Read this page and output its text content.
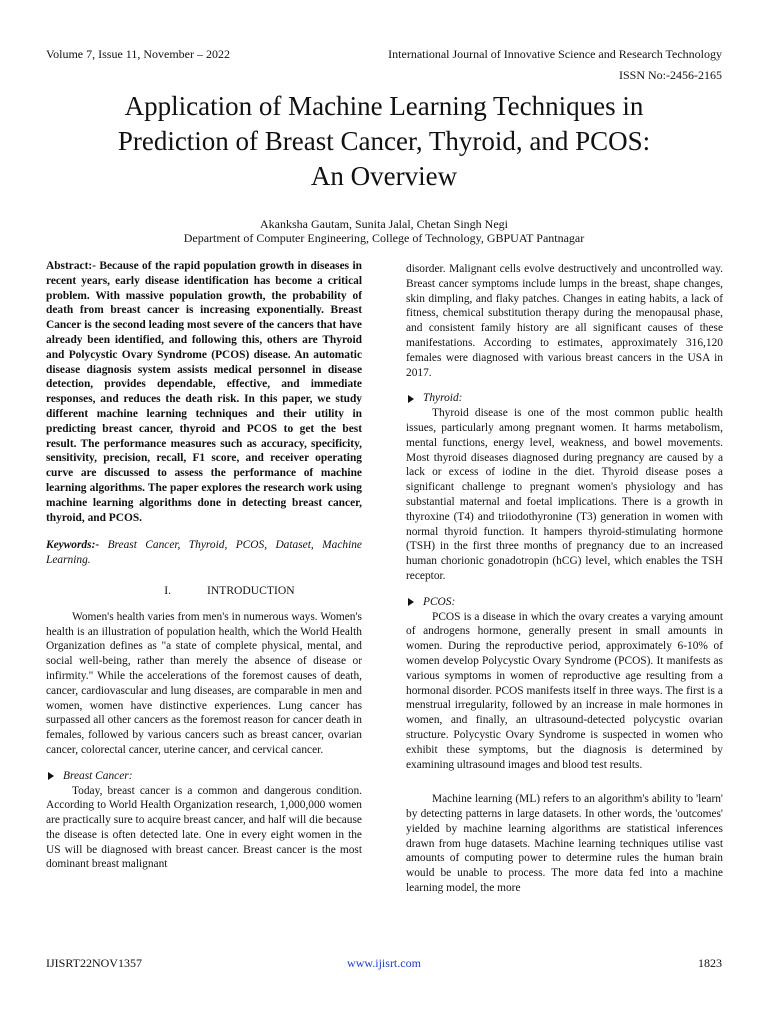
Volume 7, Issue 11, November – 2022	International Journal of Innovative Science and Research Technology
ISSN No:-2456-2165
Application of Machine Learning Techniques in
Prediction of Breast Cancer, Thyroid, and PCOS:
An Overview
Akanksha Gautam, Sunita Jalal, Chetan Singh Negi
Department of Computer Engineering, College of Technology, GBPUAT Pantnagar

Abstract:- Because of the rapid population growth in diseases in recent years, early disease identification has become a critical problem. With massive population growth, the probability of death from breast cancer is increasing exponentially. Breast Cancer is the second leading most severe of the cancers that have already been identified, and following this, others are Thyroid and Polycystic Ovary Syndrome (PCOS) disease. An automatic disease diagnosis system assists medical personnel in disease detection, provides dependable, effective, and immediate responses, and reduces the death risk. In this paper, we study different machine learning techniques and their utility in predicting breast cancer, thyroid and PCOS to get the best result. The performance measures such as accuracy, specificity, sensitivity, precision, recall, F1 score, and receiver operating curve are discussed to assess the performance of machine learning algorithms. The paper explores the research work using machine learning algorithms done in detecting breast cancer, thyroid, and PCOS.

Keywords:- Breast Cancer, Thyroid, PCOS, Dataset, Machine Learning.

I.	INTRODUCTION

Women's health varies from men's in numerous ways. Women's health is an illustration of population health, which the World Health Organization defines as "a state of complete physical, mental, and social well-being, rather than merely the absence of disease or infirmity." While the accelerations of the foremost causes of death, cancer, cardiovascular and lung diseases, are comparable in men and women, women have distinctive experiences. Lung cancer has surpassed all other cancers as the foremost reason for cancer death in females, followed by various cancers such as breast cancer, ovarian cancer, colorectal cancer, uterine cancer, and cervical cancer.

Breast Cancer:

Today, breast cancer is a common and dangerous condition. According to World Health Organization research, 1,000,000 women are practically sure to acquire breast cancer, and half will die because the disease is often detected late. One in every eight women in the US will be diagnosed with breast cancer. Breast cancer is the most dominant breast malignant

disorder. Malignant cells evolve destructively and uncontrolled way. Breast cancer symptoms include lumps in the breast, shape changes, skin dimpling, and flaky patches. Changes in eating habits, a lack of fitness, chemical substitution therapy during the menopausal phase, and consistent family history are all significant causes of these manifestations. According to estimates, approximately 316,120 females were diagnosed with various breast cancers in the USA in 2017.

Thyroid:

Thyroid disease is one of the most common public health issues, particularly among pregnant women. It harms metabolism, mental functions, energy level, weakness, and bowel movements. Most thyroid diseases diagnosed during pregnancy are caused by a lack or excess of iodine in the diet. Thyroid disease poses a significant challenge to pregnant women's physiology and has substantial maternal and foetal implications. There is a growth in thyroxine (T4) and triiodothyronine (T3) generation in women with normal thyroid function. It hampers thyroid-stimulating hormone (TSH) in the first three months of pregnancy due to an increased human chorionic gonadotropin (hCG) level, which enables the TSH receptor.

PCOS:

PCOS is a disease in which the ovary creates a varying amount of androgens hormone, generally present in small amounts in women. During the reproductive period, approximately 6-10% of women develop Polycystic Ovary Syndrome (PCOS). It manifests as various symptoms in women of reproductive age resulting from a hormonal disorder. PCOS manifests itself in three ways. The first is a menstrual irregularity, followed by an increase in male hormones in women, and finally, an ultrasound-detected polycystic ovarian structure. Polycystic Ovary Syndrome is suspected in women who exhibit these symptoms, but the diagnosis is determined by examining ultrasound images and blood test results.

Machine learning (ML) refers to an algorithm's ability to 'learn' by detecting patterns in large datasets. In other words, the 'outcomes' yielded by machine learning algorithms are statistical inferences drawn from huge datasets. Machine learning techniques utilise vast amounts of computing power to determine rules the human brain would be unable to process. The more data fed into a machine learning model, the more

IJISRT22NOV1357	www.ijisrt.com	1823
